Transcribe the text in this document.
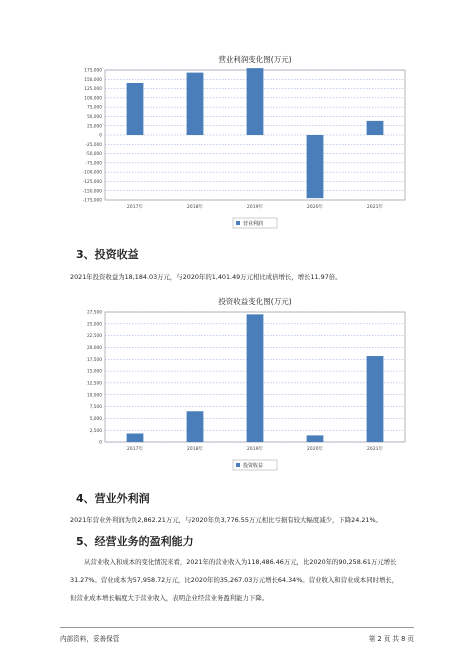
营业利润变化图(万元)
175,000
150,000
125,000
100,000
75,000
50,000
25,000
0
-25,000
-50,000
-75,000
-100,000
-125,000
-150,000
-175,000
2017年	2018年	2019年	2020年	2021年
营业利润
3、投资收益
2021年投资收益为18,184.03万元，与2020年的1,401.49万元相比成倍增长，增长11.97倍。
投资收益变化图(万元)
27,500
25,000
22,500
20,000
17,500
15,000
12,500
10,000
7,500
5,000
2,500
0
2017年	2018年	2019年	2020年	2021年
投资收益
4、营业外利润
2021年营业外利润为负2,862.21万元，与2020年负3,776.55万元相比亏损有较大幅度减少，下降24.21%。
5、经营业务的盈利能力
从营业收入和成本的变化情况来看，2021年的营业收入为118,486.46万元，比2020年的90,258.61万元增长31.27%。营业成本为57,958.72万元，比2020年的35,267.03万元增长64.34%。营业收入和营业成本同时增长，但营业成本增长幅度大于营业收入，表明企业经营业务盈利能力下降。
内部资料，妥善保管	第 2 页 共 8 页
